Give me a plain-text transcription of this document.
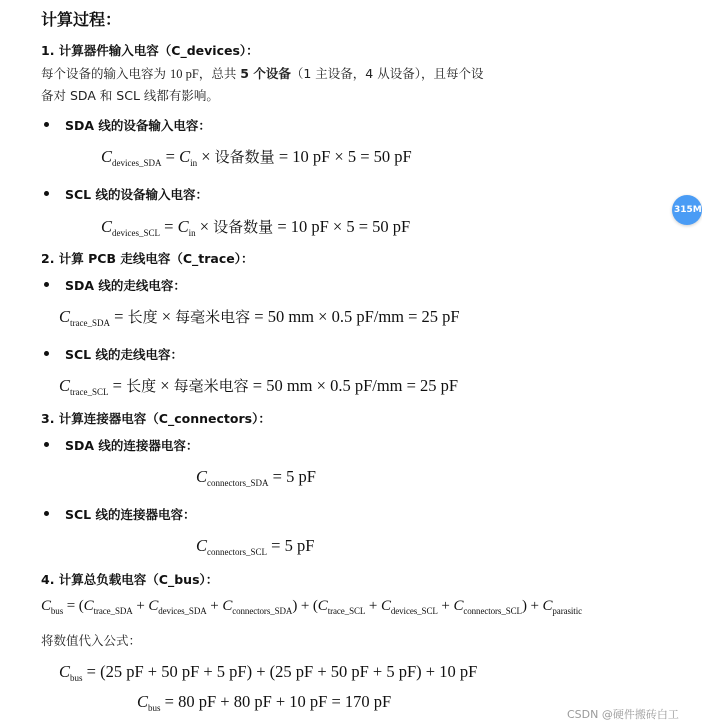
计算过程：
1. 计算器件输入电容（C_devices）：
每个设备的输入电容为 10 pF，总共 5 个设备（1 主设备，4 从设备），且每个设
备对 SDA 和 SCL 线都有影响。
SDA 线的设备输入电容：
$C_{devices\_SDA} = C_{in}$ × 设备数量 = 10 pF × 5 = 50 pF
SCL 线的设备输入电容：
$C_{devices\_SCL} = C_{in}$ × 设备数量 = 10 pF × 5 = 50 pF
315M
2. 计算 PCB 走线电容（C_trace）：
SDA 线的走线电容：
$C_{trace\_SDA}$ = 长度 × 每毫米电容 = 50 mm × 0.5 pF/mm = 25 pF
SCL 线的走线电容：
$C_{trace\_SCL}$ = 长度 × 每毫米电容 = 50 mm × 0.5 pF/mm = 25 pF
3. 计算连接器电容（C_connectors）：
SDA 线的连接器电容：
$C_{connectors\_SDA} = 5$ pF
SCL 线的连接器电容：
$C_{connectors\_SCL} = 5$ pF
4. 计算总负载电容（C_bus）：
$C_{bus} = (C_{trace\_SDA} + C_{devices\_SDA} + C_{connectors\_SDA}) + (C_{trace\_SCL} + C_{devices\_SCL} + C_{connectors\_SCL}) + C_{parasitic}$
将数值代入公式：
$C_{bus} = (25$ pF + 50 pF + 5 pF) + (25 pF + 50 pF + 5 pF) + 10 pF
$C_{bus} = 80$ pF + 80 pF + 10 pF = 170 pF
CSDN @硬件搬砖白工
